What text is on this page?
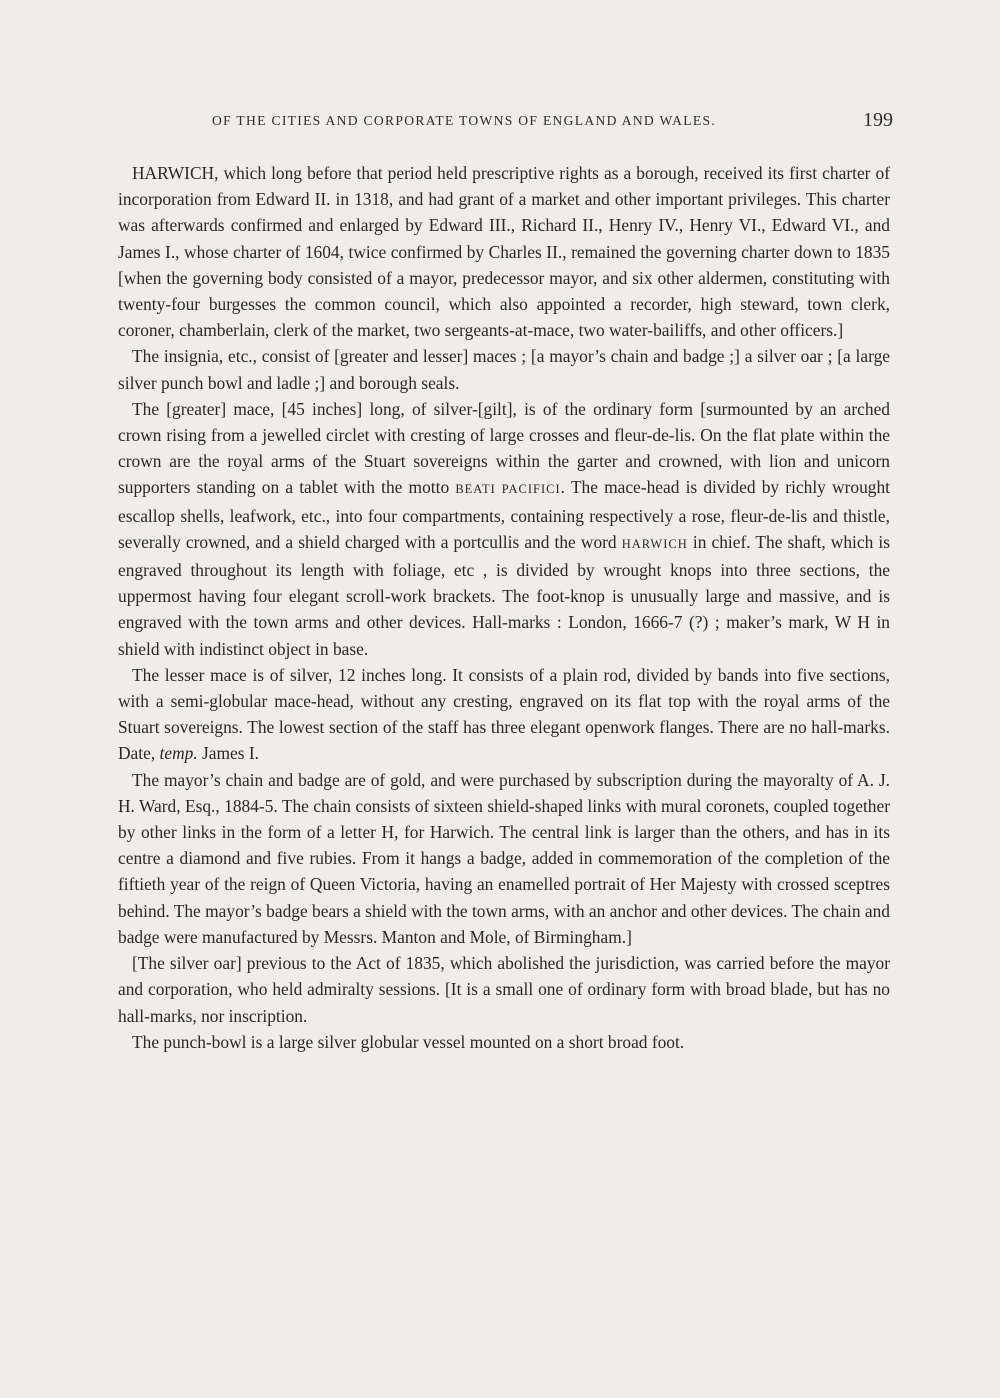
OF THE CITIES AND CORPORATE TOWNS OF ENGLAND AND WALES.	199

HARWICH, which long before that period held prescriptive rights as a borough, received its first charter of incorporation from Edward II. in 1318, and had grant of a market and other important privileges. This charter was afterwards confirmed and enlarged by Edward III., Richard II., Henry IV., Henry VI., Edward VI., and James I., whose charter of 1604, twice confirmed by Charles II., remained the governing charter down to 1835 [when the governing body consisted of a mayor, predecessor mayor, and six other aldermen, constituting with twenty-four burgesses the common council, which also appointed a recorder, high steward, town clerk, coroner, chamberlain, clerk of the market, two sergeants-at-mace, two water-bailiffs, and other officers.]

The insignia, etc., consist of [greater and lesser] maces ; [a mayor’s chain and badge ;] a silver oar ; [a large silver punch bowl and ladle ;] and borough seals.

The [greater] mace, [45 inches] long, of silver-[gilt], is of the ordinary form [surmounted by an arched crown rising from a jewelled circlet with cresting of large crosses and fleur-de-lis. On the flat plate within the crown are the royal arms of the Stuart sovereigns within the garter and crowned, with lion and unicorn supporters standing on a tablet with the motto BEATI PACIFICI. The mace-head is divided by richly wrought escallop shells, leafwork, etc., into four compartments, containing respectively a rose, fleur-de-lis and thistle, severally crowned, and a shield charged with a portcullis and the word HARWICH in chief. The shaft, which is engraved throughout its length with foliage, etc , is divided by wrought knops into three sections, the uppermost having four elegant scroll-work brackets. The foot-knop is unusually large and massive, and is engraved with the town arms and other devices. Hall-marks : London, 1666-7 (?) ; maker’s mark, W H in shield with indistinct object in base.

The lesser mace is of silver, 12 inches long. It consists of a plain rod, divided by bands into five sections, with a semi-globular mace-head, without any cresting, engraved on its flat top with the royal arms of the Stuart sovereigns. The lowest section of the staff has three elegant openwork flanges. There are no hall-marks. Date, temp. James I.

The mayor’s chain and badge are of gold, and were purchased by subscription during the mayoralty of A. J. H. Ward, Esq., 1884-5. The chain consists of sixteen shield-shaped links with mural coronets, coupled together by other links in the form of a letter H, for Harwich. The central link is larger than the others, and has in its centre a diamond and five rubies. From it hangs a badge, added in commemoration of the completion of the fiftieth year of the reign of Queen Victoria, having an enamelled portrait of Her Majesty with crossed sceptres behind. The mayor’s badge bears a shield with the town arms, with an anchor and other devices. The chain and badge were manufactured by Messrs. Manton and Mole, of Birmingham.]

[The silver oar] previous to the Act of 1835, which abolished the jurisdiction, was carried before the mayor and corporation, who held admiralty sessions. [It is a small one of ordinary form with broad blade, but has no hall-marks, nor inscription.

The punch-bowl is a large silver globular vessel mounted on a short broad foot.
